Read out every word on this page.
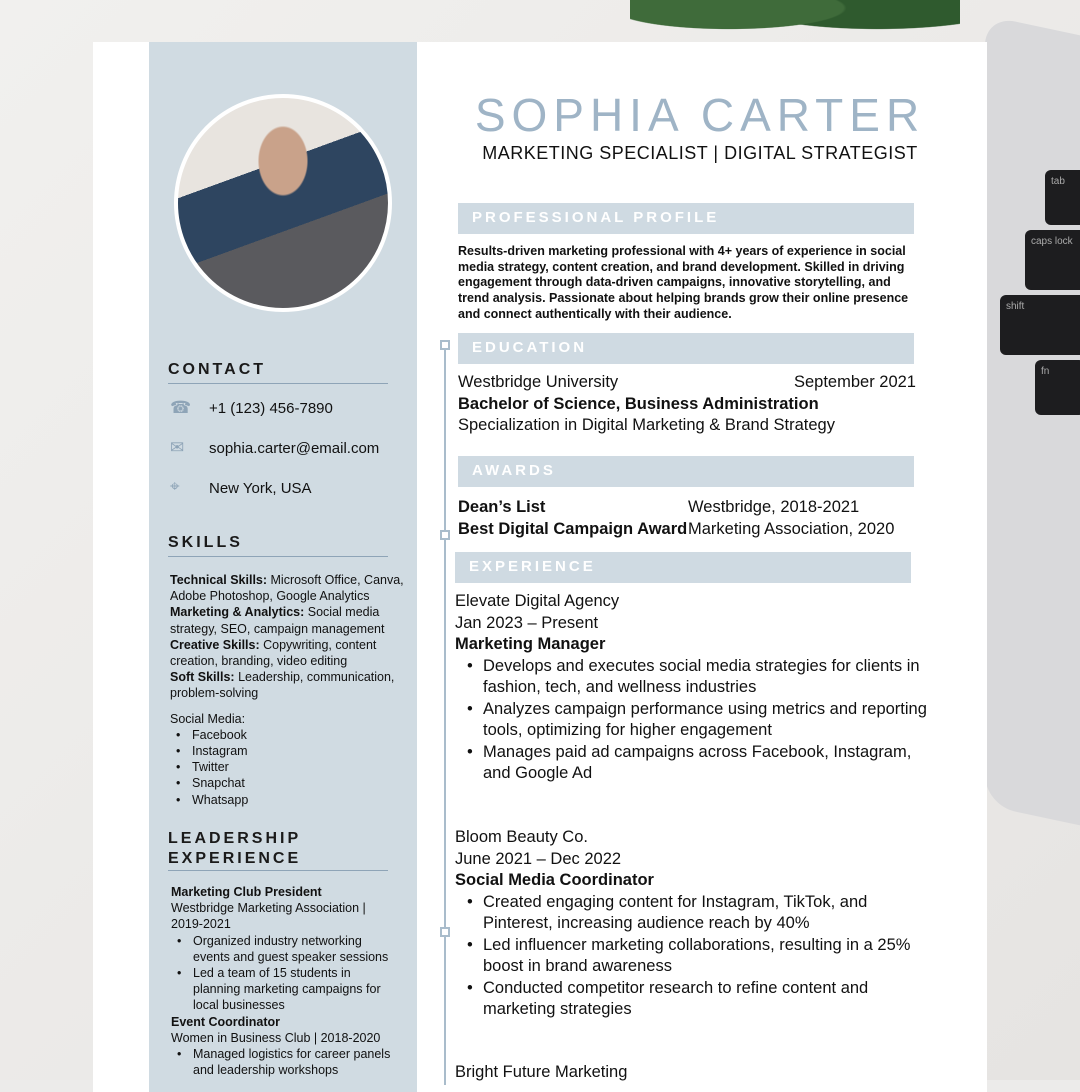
tab
caps lock
shift
fn
CONTACT
☎ +1 (123) 456-7890
✉	sophia.carter@email.com
⌖	New York, USA
SKILLS
Technical Skills: Microsoft Office, Canva, Adobe Photoshop, Google Analytics
Marketing & Analytics: Social media strategy, SEO, campaign management
Creative Skills: Copywriting, content creation, branding, video editing
Soft Skills: Leadership, communication, problem-solving
Social Media:
• Facebook
• Instagram
• Twitter
• Snapchat
• Whatsapp
LEADERSHIP
EXPERIENCE
Marketing Club President
Westbridge Marketing Association | 2019-2021
• Organized industry networking events and guest speaker sessions
• Led a team of 15 students in planning marketing campaigns for local businesses
Event Coordinator
Women in Business Club | 2018-2020
• Managed logistics for career panels and leadership workshops
SOPHIA CARTER
MARKETING SPECIALIST | DIGITAL STRATEGIST
PROFESSIONAL PROFILE
Results-driven marketing professional with 4+ years of experience in social media strategy, content creation, and brand development. Skilled in driving engagement through data-driven campaigns, innovative storytelling, and trend analysis. Passionate about helping brands grow their online presence and connect authentically with their audience.
EDUCATION
Westbridge University	September 2021
Bachelor of Science, Business Administration
Specialization in Digital Marketing & Brand Strategy
AWARDS
Dean’s List	Westbridge, 2018-2021
Best Digital Campaign Award Marketing Association, 2020
EXPERIENCE
Elevate Digital Agency
Jan 2023 – Present
Marketing Manager
• Develops and executes social media strategies for clients in fashion, tech, and wellness industries
• Analyzes campaign performance using metrics and reporting tools, optimizing for higher engagement
• Manages paid ad campaigns across Facebook, Instagram, and Google Ad
Bloom Beauty Co.
June 2021 – Dec 2022
Social Media Coordinator
• Created engaging content for Instagram, TikTok, and Pinterest, increasing audience reach by 40%
• Led influencer marketing collaborations, resulting in a 25% boost in brand awareness
• Conducted competitor research to refine content and marketing strategies
Bright Future Marketing
